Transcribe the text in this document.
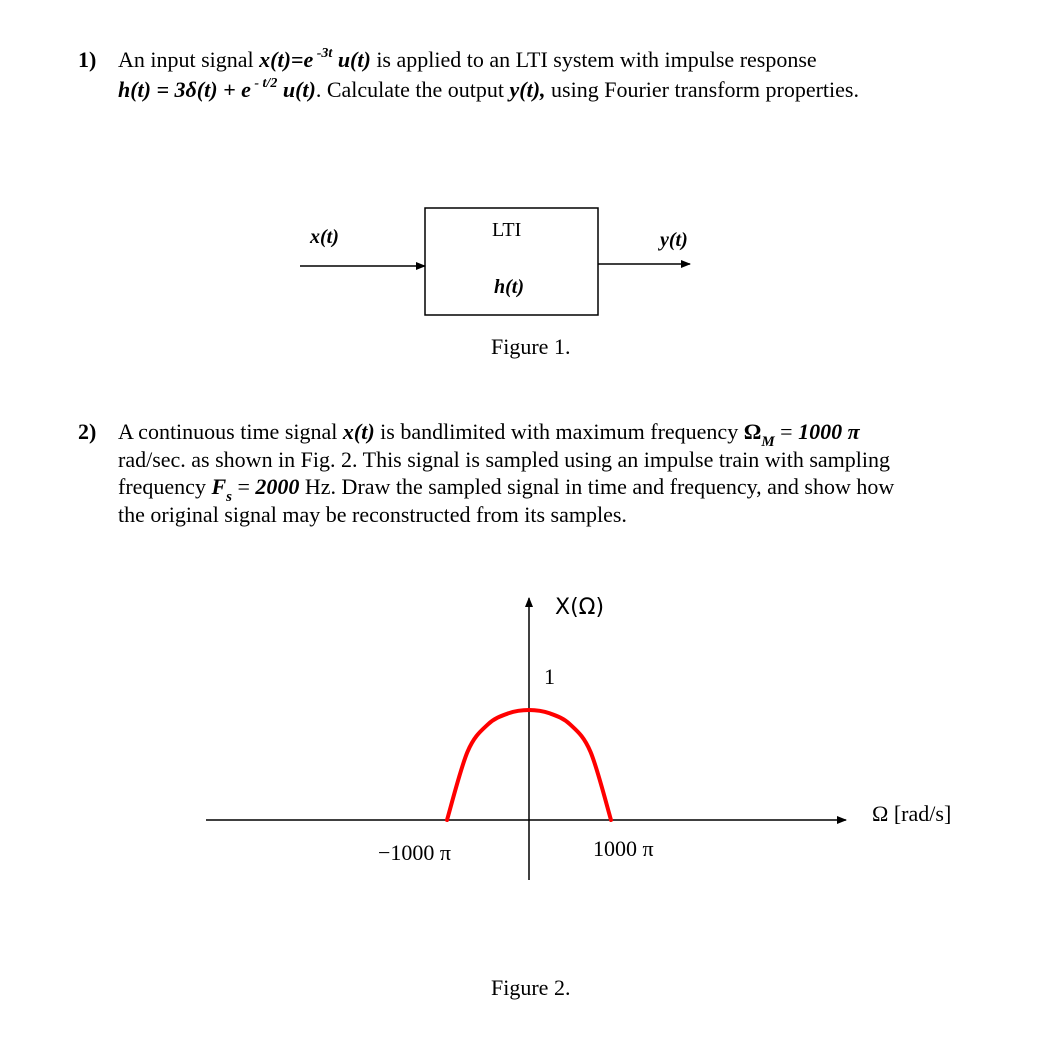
1) An input signal x(t)=e $^{-3t}$ u(t) is applied to an LTI system with impulse response
h(t) = 3δ(t) + e $^{- t/2}$ u(t). Calculate the output y(t), using Fourier transform properties.
x(t)	LTI
h(t)
y(t)
Figure 1.
2) A continuous time signal x(t) is bandlimited with maximum frequency $\Omega_M = 1000$ π
rad/sec. as shown in Fig. 2. This signal is sampled using an impulse train with sampling
frequency $F_s = 2000$ Hz. Draw the sampled signal in time and frequency, and show how
the original signal may be reconstructed from its samples.
X(Ω)
1
Ω [rad/s]
−1000 π	1000 π
Figure 2.
